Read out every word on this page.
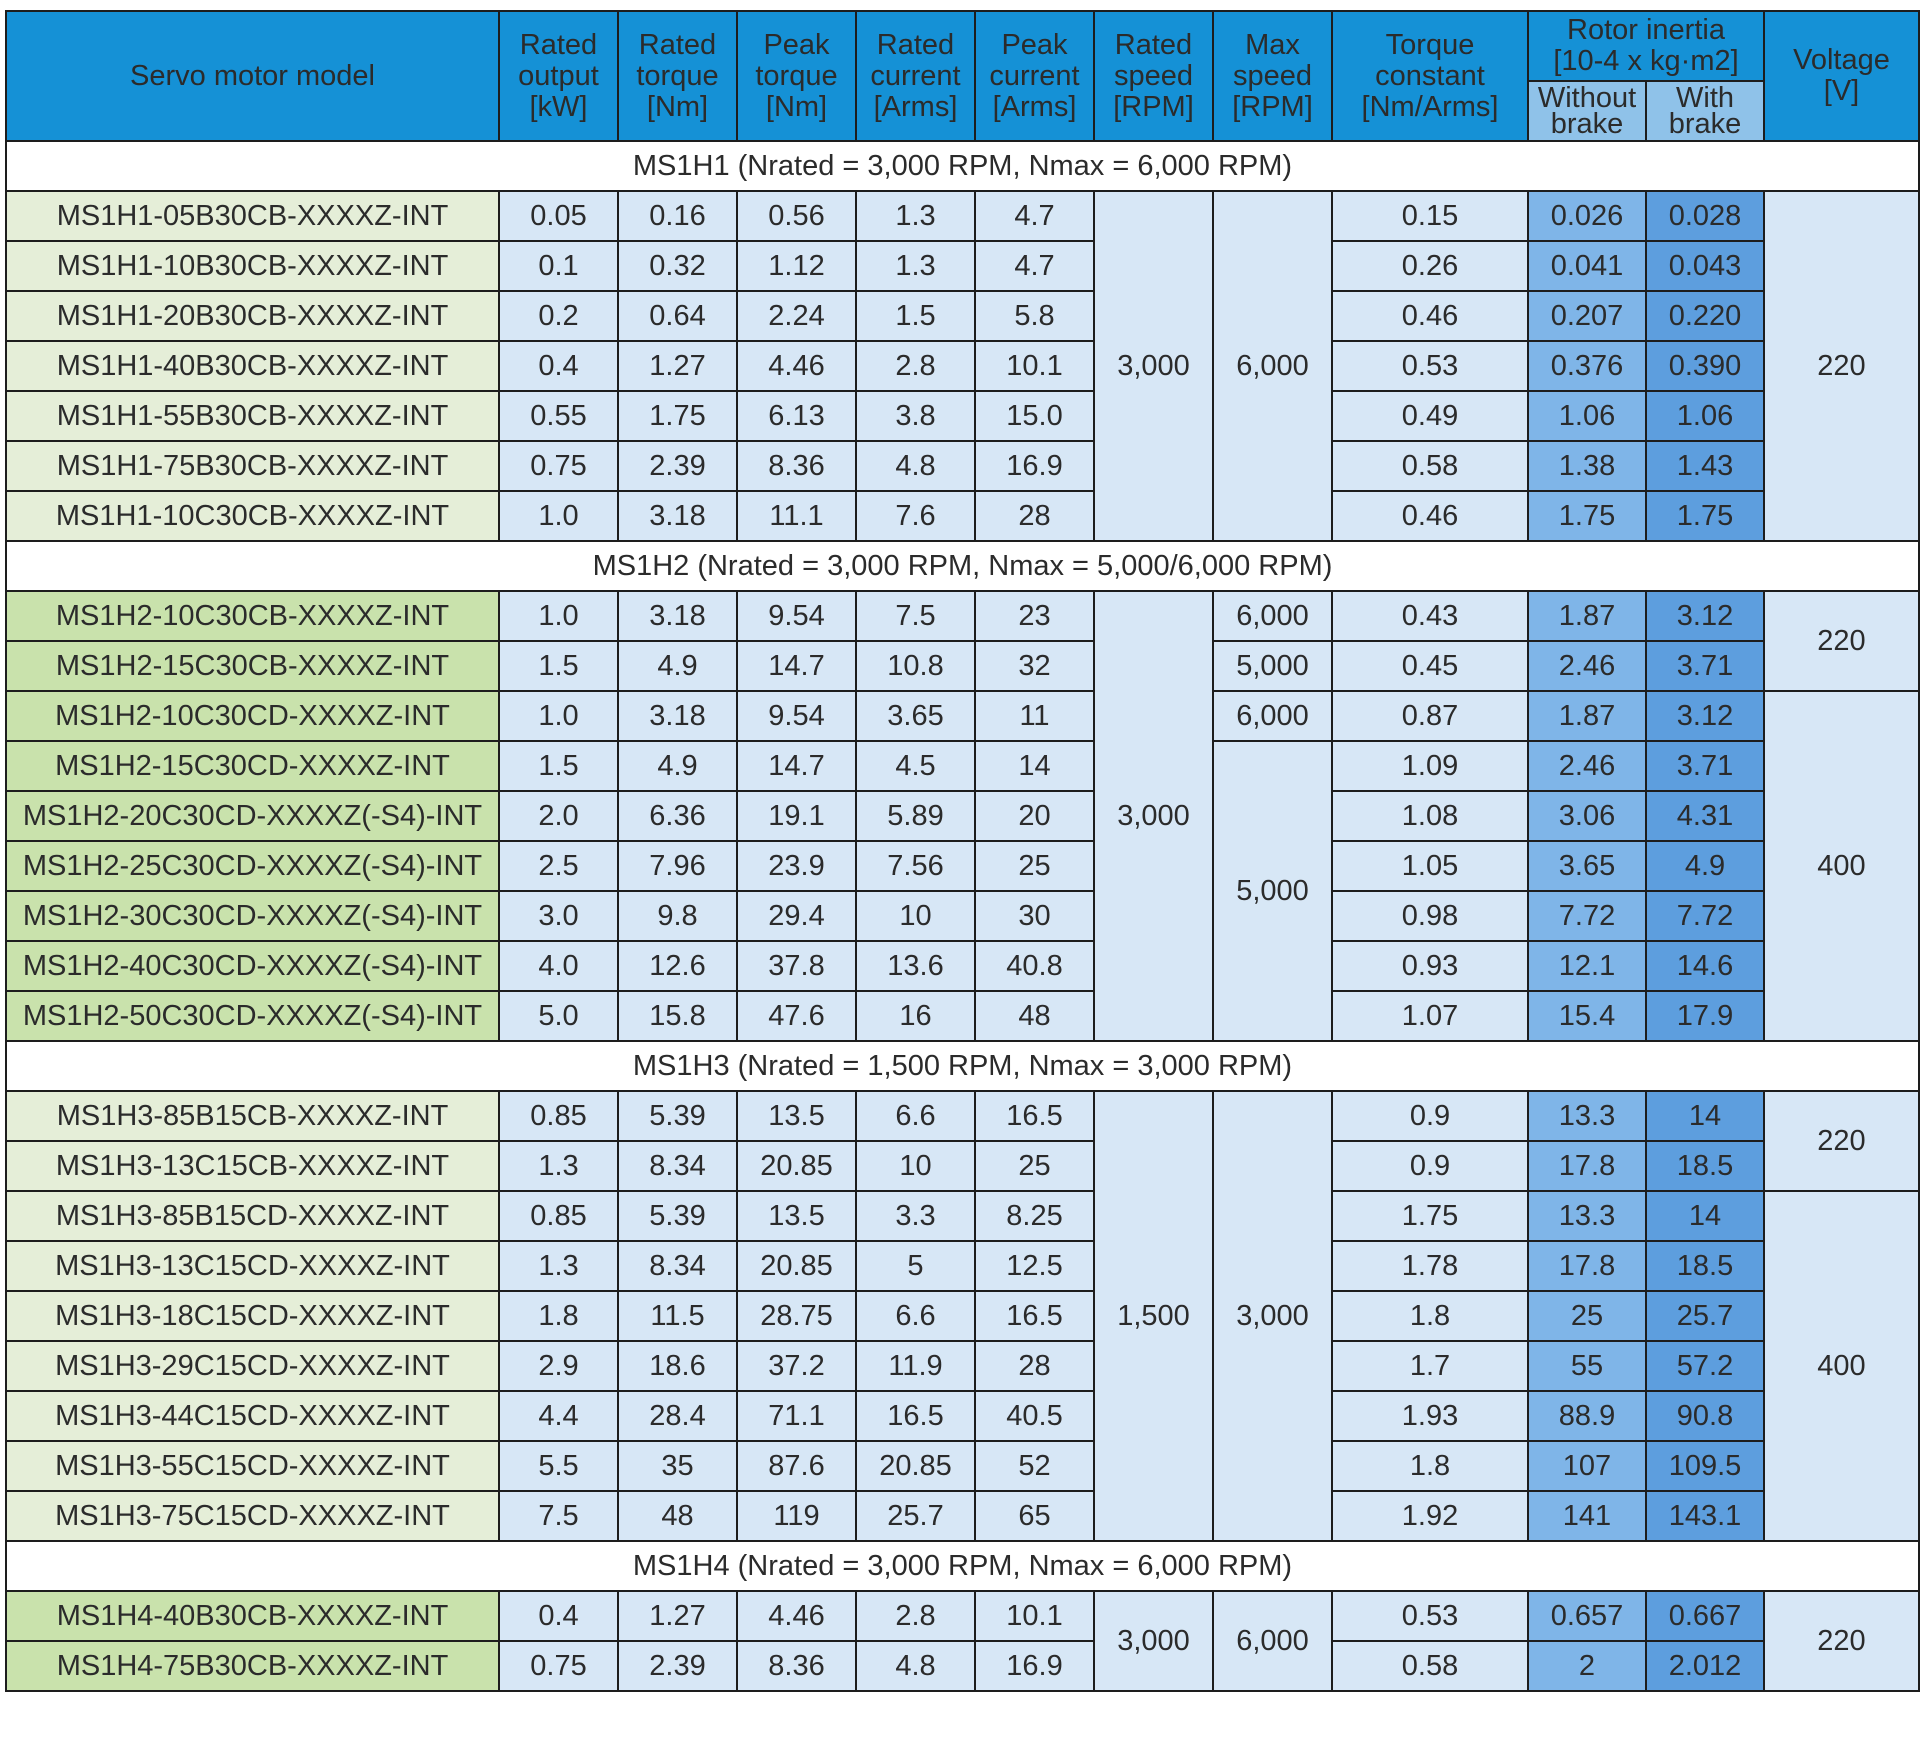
Servo motor model	Rated
output
[kW]	Rated
torque
[Nm]	Peak
torque
[Nm]	Rated
current
[Arms]	Peak
current
[Arms]	Rated
speed
[RPM]	Max
speed
[RPM]	Torque
constant
[Nm/Arms]	Rotor inertia
[10-4 x kg·m2]		Voltage
[V]
									Without
brake	With
brake	
MS1H1 (Nrated = 3,000 RPM, Nmax = 6,000 RPM)											
MS1H1-05B30CB-XXXXZ-INT	0.05	0.16	0.56	1.3	4.7	3,000	6,000	0.15	0.026	0.028	220
MS1H1-10B30CB-XXXXZ-INT	0.1	0.32	1.12	1.3	4.7			0.26	0.041	0.043	
MS1H1-20B30CB-XXXXZ-INT	0.2	0.64	2.24	1.5	5.8			0.46	0.207	0.220	
MS1H1-40B30CB-XXXXZ-INT	0.4	1.27	4.46	2.8	10.1			0.53	0.376	0.390	
MS1H1-55B30CB-XXXXZ-INT	0.55	1.75	6.13	3.8	15.0			0.49	1.06	1.06	
MS1H1-75B30CB-XXXXZ-INT	0.75	2.39	8.36	4.8	16.9			0.58	1.38	1.43	
MS1H1-10C30CB-XXXXZ-INT	1.0	3.18	11.1	7.6	28			0.46	1.75	1.75	
MS1H2 (Nrated = 3,000 RPM, Nmax = 5,000/6,000 RPM)											
MS1H2-10C30CB-XXXXZ-INT	1.0	3.18	9.54	7.5	23	3,000	6,000	0.43	1.87	3.12	220
MS1H2-15C30CB-XXXXZ-INT	1.5	4.9	14.7	10.8	32		5,000	0.45	2.46	3.71	
MS1H2-10C30CD-XXXXZ-INT	1.0	3.18	9.54	3.65	11		6,000	0.87	1.87	3.12	400
MS1H2-15C30CD-XXXXZ-INT	1.5	4.9	14.7	4.5	14		5,000	1.09	2.46	3.71	
MS1H2-20C30CD-XXXXZ(-S4)-INT	2.0	6.36	19.1	5.89	20			1.08	3.06	4.31	
MS1H2-25C30CD-XXXXZ(-S4)-INT	2.5	7.96	23.9	7.56	25			1.05	3.65	4.9	
MS1H2-30C30CD-XXXXZ(-S4)-INT	3.0	9.8	29.4	10	30			0.98	7.72	7.72	
MS1H2-40C30CD-XXXXZ(-S4)-INT	4.0	12.6	37.8	13.6	40.8			0.93	12.1	14.6	
MS1H2-50C30CD-XXXXZ(-S4)-INT	5.0	15.8	47.6	16	48			1.07	15.4	17.9	
MS1H3 (Nrated = 1,500 RPM, Nmax = 3,000 RPM)											
MS1H3-85B15CB-XXXXZ-INT	0.85	5.39	13.5	6.6	16.5	1,500	3,000	0.9	13.3	14	220
MS1H3-13C15CB-XXXXZ-INT	1.3	8.34	20.85	10	25			0.9	17.8	18.5	
MS1H3-85B15CD-XXXXZ-INT	0.85	5.39	13.5	3.3	8.25			1.75	13.3	14	400
MS1H3-13C15CD-XXXXZ-INT	1.3	8.34	20.85	5	12.5			1.78	17.8	18.5	
MS1H3-18C15CD-XXXXZ-INT	1.8	11.5	28.75	6.6	16.5			1.8	25	25.7	
MS1H3-29C15CD-XXXXZ-INT	2.9	18.6	37.2	11.9	28			1.7	55	57.2	
MS1H3-44C15CD-XXXXZ-INT	4.4	28.4	71.1	16.5	40.5			1.93	88.9	90.8	
MS1H3-55C15CD-XXXXZ-INT	5.5	35	87.6	20.85	52			1.8	107	109.5	
MS1H3-75C15CD-XXXXZ-INT	7.5	48	119	25.7	65			1.92	141	143.1	
MS1H4 (Nrated = 3,000 RPM, Nmax = 6,000 RPM)											
MS1H4-40B30CB-XXXXZ-INT	0.4	1.27	4.46	2.8	10.1	3,000	6,000	0.53	0.657	0.667	220
MS1H4-75B30CB-XXXXZ-INT	0.75	2.39	8.36	4.8	16.9			0.58	2	2.012	
